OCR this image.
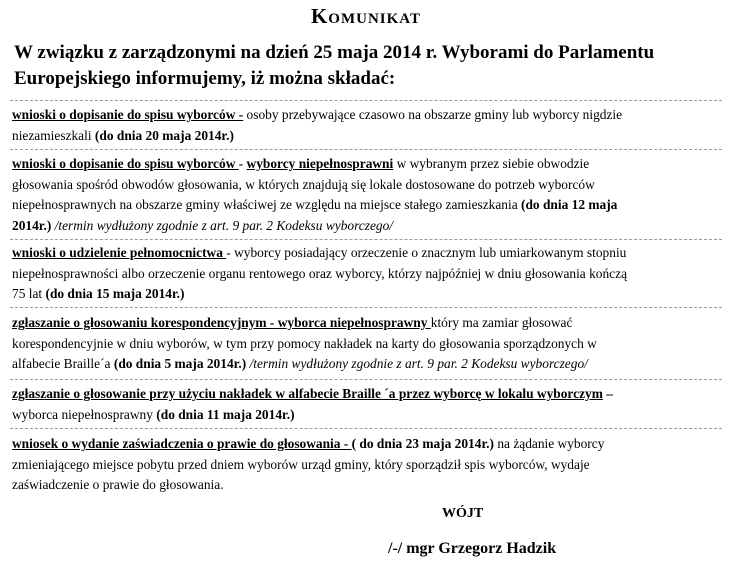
Komunikat
W związku z zarządzonymi na dzień 25 maja 2014 r. Wyborami do Parlamentu
Europejskiego informujemy, iż można składać:
wnioski o dopisanie do spisu wyborców - osoby przebywające czasowo na obszarze gminy lub wyborcy nigdzie
niezamieszkali (do dnia 20 maja 2014r.)
wnioski o dopisanie do spisu wyborców - wyborcy niepełnosprawni w wybranym przez siebie obwodzie
głosowania spośród obwodów głosowania, w których znajdują się lokale dostosowane do potrzeb wyborców
niepełnosprawnych na obszarze gminy właściwej ze względu na miejsce stałego zamieszkania (do dnia 12 maja
2014r.) /termin wydłużony zgodnie z art. 9 par. 2 Kodeksu wyborczego/
wnioski o udzielenie pełnomocnictwa - wyborcy posiadający orzeczenie o znacznym lub umiarkowanym stopniu
niepełnosprawności albo orzeczenie organu rentowego oraz wyborcy, którzy najpóźniej w dniu głosowania kończą
75 lat (do dnia 15 maja 2014r.)
zgłaszanie o głosowaniu korespondencyjnym - wyborca niepełnosprawny który ma zamiar głosować
korespondencyjnie w dniu wyborów, w tym przy pomocy nakładek na karty do głosowania sporządzonych w
alfabecie Braille´a (do dnia 5 maja 2014r.) /termin wydłużony zgodnie z art. 9 par. 2 Kodeksu wyborczego/
zgłaszanie o głosowanie przy użyciu nakładek w alfabecie Braille ´a przez wyborcę w lokalu wyborczym –
wyborca niepełnosprawny (do dnia 11 maja 2014r.)
wniosek o wydanie zaświadczenia o prawie do głosowania - ( do dnia 23 maja 2014r.) na żądanie wyborcy
zmieniającego miejsce pobytu przed dniem wyborów urząd gminy, który sporządził spis wyborców, wydaje
zaświadczenie o prawie do głosowania.
WÓJT
/-/ mgr Grzegorz Hadzik
